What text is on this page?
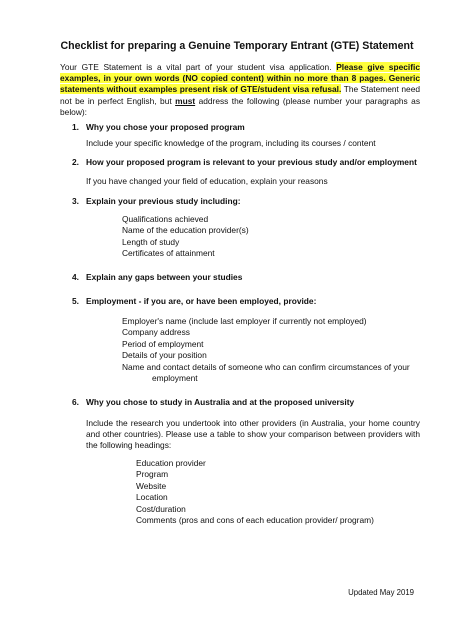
Checklist for preparing a Genuine Temporary Entrant (GTE) Statement
Your GTE Statement is a vital part of your student visa application. Please give specific examples, in your own words (NO copied content) within no more than 8 pages. Generic statements without examples present risk of GTE/student visa refusal. The Statement need not be in perfect English, but must address the following (please number your paragraphs as below):
1. Why you chose your proposed program
Include your specific knowledge of the program, including its courses / content
2. How your proposed program is relevant to your previous study and/or employment
If you have changed your field of education, explain your reasons
3. Explain your previous study including:
Qualifications achieved
Name of the education provider(s)
Length of study
Certificates of attainment
4. Explain any gaps between your studies
5. Employment - if you are, or have been employed, provide:
Employer's name (include last employer if currently not employed)
Company address
Period of employment
Details of your position
Name and contact details of someone who can confirm circumstances of your
employment
6. Why you chose to study in Australia and at the proposed university
Include the research you undertook into other providers (in Australia, your home country and other countries). Please use a table to show your comparison between providers with the following headings:
Education provider
Program
Website
Location
Cost/duration
Comments (pros and cons of each education provider/ program)
Updated May 2019
